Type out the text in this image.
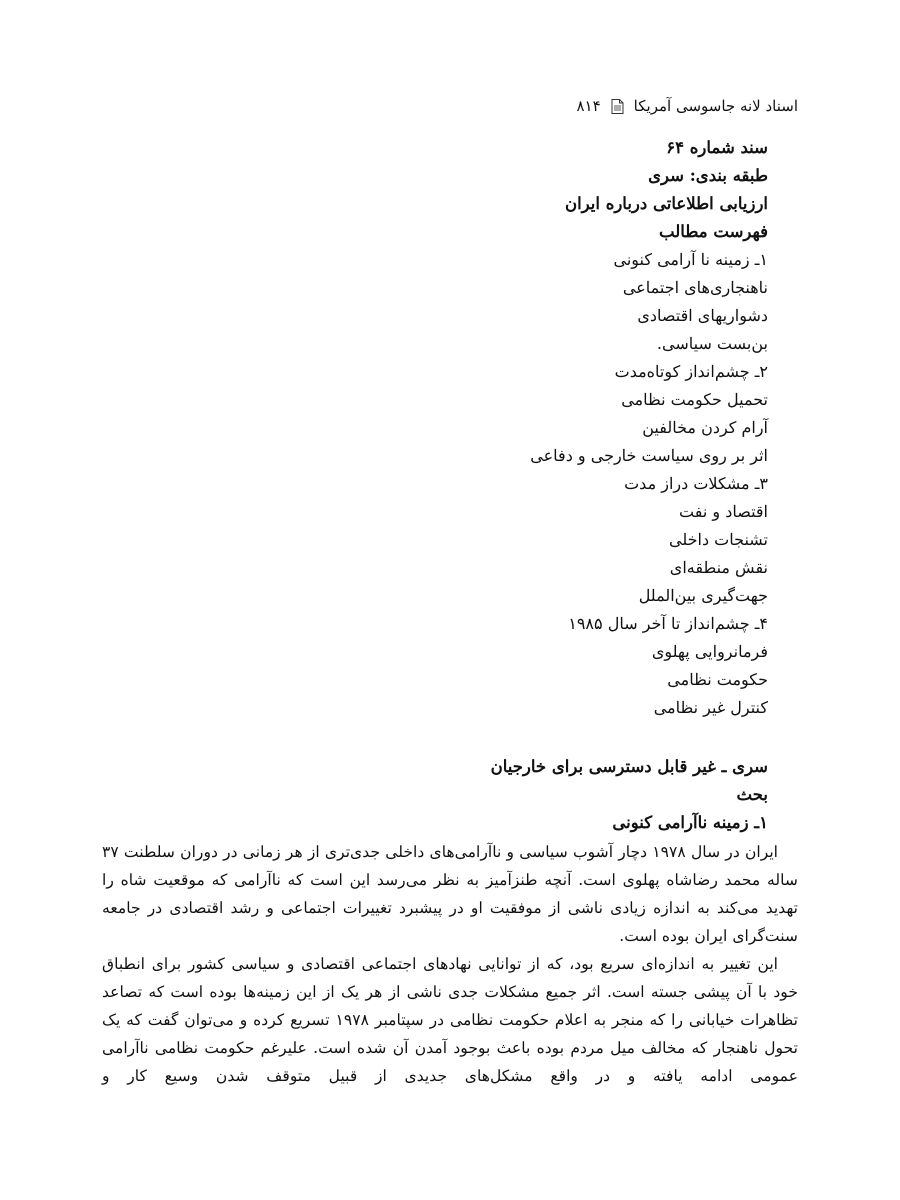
اسناد لانه جاسوسی آمریکا
۸۱۴
سند شماره ۶۴
طبقه بندی: سری
ارزیابی اطلاعاتی درباره ایران
فهرست مطالب
۱ـ زمینه نا آرامی کنونی
ناهنجاری‌های اجتماعی
دشواریهای اقتصادی
بن‌بست سیاسی.
۲ـ چشم‌انداز کوتاه‌مدت
تحمیل حکومت نظامی
آرام کردن مخالفین
اثر بر روی سیاست خارجی و دفاعی
۳ـ مشکلات دراز مدت
اقتصاد و نفت
تشنجات داخلی
نقش منطقه‌ای
جهت‌گیری بین‌الملل
۴ـ چشم‌انداز تا آخر سال ۱۹۸۵
فرمانروایی پهلوی
حکومت نظامی
کنترل غیر نظامی
سری ـ غیر قابل دسترسی برای خارجیان
بحث
۱ـ زمینه ناآرامی کنونی

ایران در سال ۱۹۷۸ دچار آشوب سیاسی و ناآرامی‌های داخلی جدی‌تری از هر زمانی در دوران سلطنت ۳۷ ساله محمد رضاشاه پهلوی است. آنچه طنزآمیز به نظر می‌رسد این است که ناآرامی که موقعیت شاه را تهدید می‌کند به اندازه زیادی ناشی از موفقیت او در پیشبرد تغییرات اجتماعی و رشد اقتصادی در جامعه سنت‌گرای ایران بوده است.

این تغییر به اندازه‌ای سریع بود، که از توانایی نهادهای اجتماعی اقتصادی و سیاسی کشور برای انطباق خود با آن پیشی جسته است. اثر جمیع مشکلات جدی ناشی از هر یک از این زمینه‌ها بوده است که تصاعد تظاهرات خیابانی را که منجر به اعلام حکومت نظامی در سپتامبر ۱۹۷۸ تسریع کرده و می‌توان گفت که یک تحول ناهنجار که مخالف میل مردم بوده باعث بوجود آمدن آن شده است. علیرغم حکومت نظامی ناآرامی عمومی ادامه یافته و در واقع مشکل‌های جدیدی از قبیل متوقف شدن وسیع کار و
